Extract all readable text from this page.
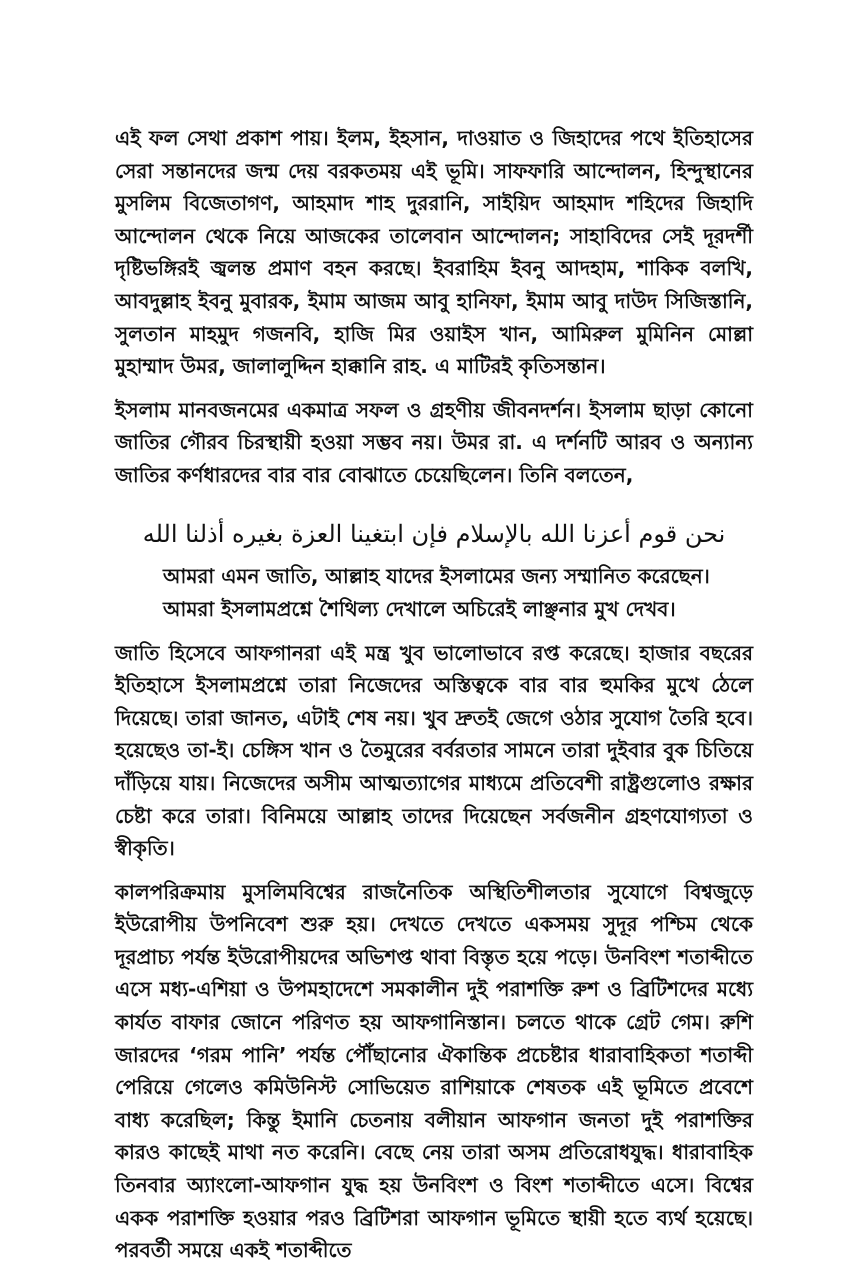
এই ফল সেথা প্রকাশ পায়। ইলম, ইহসান, দাওয়াত ও জিহাদের পথে ইতিহাসের সেরা সন্তানদের জন্ম দেয় বরকতময় এই ভূমি। সাফফারি আন্দোলন, হিন্দুস্থানের মুসলিম বিজেতাগণ, আহমাদ শাহ দুররানি, সাইয়িদ আহমাদ শহিদের জিহাদি আন্দোলন থেকে নিয়ে আজকের তালেবান আন্দোলন; সাহাবিদের সেই দূরদর্শী দৃষ্টিভঙ্গিরই জ্বলন্ত প্রমাণ বহন করছে। ইবরাহিম ইবনু আদহাম, শাকিক বলখি, আবদুল্লাহ ইবনু মুবারক, ইমাম আজম আবু হানিফা, ইমাম আবু দাউদ সিজিস্তানি, সুলতান মাহমুদ গজনবি, হাজি মির ওয়াইস খান, আমিরুল মুমিনিন মোল্লা মুহাম্মাদ উমর, জালালুদ্দিন হাক্কানি রাহ. এ মাটিরই কৃতিসন্তান।

ইসলাম মানবজনমের একমাত্র সফল ও গ্রহণীয় জীবনদর্শন। ইসলাম ছাড়া কোনো জাতির গৌরব চিরস্থায়ী হওয়া সম্ভব নয়। উমর রা. এ দর্শনটি আরব ও অন্যান্য জাতির কর্ণধারদের বার বার বোঝাতে চেয়েছিলেন। তিনি বলতেন,

نحن قوم أعزنا الله بالإسلام فإن ابتغينا العزة بغيره أذلنا الله
আমরা এমন জাতি, আল্লাহ যাদের ইসলামের জন্য সম্মানিত করেছেন।
আমরা ইসলামপ্রশ্নে শৈথিল্য দেখালে অচিরেই লাঞ্ছনার মুখ দেখব।

জাতি হিসেবে আফগানরা এই মন্ত্র খুব ভালোভাবে রপ্ত করেছে। হাজার বছরের ইতিহাসে ইসলামপ্রশ্নে তারা নিজেদের অস্তিত্বকে বার বার হুমকির মুখে ঠেলে দিয়েছে। তারা জানত, এটাই শেষ নয়। খুব দ্রুতই জেগে ওঠার সুযোগ তৈরি হবে। হয়েছেও তা-ই। চেঙ্গিস খান ও তৈমুরের বর্বরতার সামনে তারা দুইবার বুক চিতিয়ে দাঁড়িয়ে যায়। নিজেদের অসীম আত্মত্যাগের মাধ্যমে প্রতিবেশী রাষ্ট্রগুলোও রক্ষার চেষ্টা করে তারা। বিনিময়ে আল্লাহ তাদের দিয়েছেন সর্বজনীন গ্রহণযোগ্যতা ও স্বীকৃতি।

কালপরিক্রমায় মুসলিমবিশ্বের রাজনৈতিক অস্থিতিশীলতার সুযোগে বিশ্বজুড়ে ইউরোপীয় উপনিবেশ শুরু হয়। দেখতে দেখতে একসময় সুদূর পশ্চিম থেকে দূরপ্রাচ্য পর্যন্ত ইউরোপীয়দের অভিশপ্ত থাবা বিস্তৃত হয়ে পড়ে। উনবিংশ শতাব্দীতে এসে মধ্য-এশিয়া ও উপমহাদেশে সমকালীন দুই পরাশক্তি রুশ ও ব্রিটিশদের মধ্যে কার্যত বাফার জোনে পরিণত হয় আফগানিস্তান। চলতে থাকে গ্রেট গেম। রুশি জারদের ‘গরম পানি’ পর্যন্ত পৌঁছানোর ঐকান্তিক প্রচেষ্টার ধারাবাহিকতা শতাব্দী পেরিয়ে গেলেও কমিউনিস্ট সোভিয়েত রাশিয়াকে শেষতক এই ভূমিতে প্রবেশে বাধ্য করেছিল; কিন্তু ইমানি চেতনায় বলীয়ান আফগান জনতা দুই পরাশক্তির কারও কাছেই মাথা নত করেনি। বেছে নেয় তারা অসম প্রতিরোধযুদ্ধ। ধারাবাহিক তিনবার অ্যাংলো-আফগান যুদ্ধ হয় উনবিংশ ও বিংশ শতাব্দীতে এসে। বিশ্বের একক পরাশক্তি হওয়ার পরও ব্রিটিশরা আফগান ভূমিতে স্থায়ী হতে ব্যর্থ হয়েছে। পরবর্তী সময়ে একই শতাব্দীতে
